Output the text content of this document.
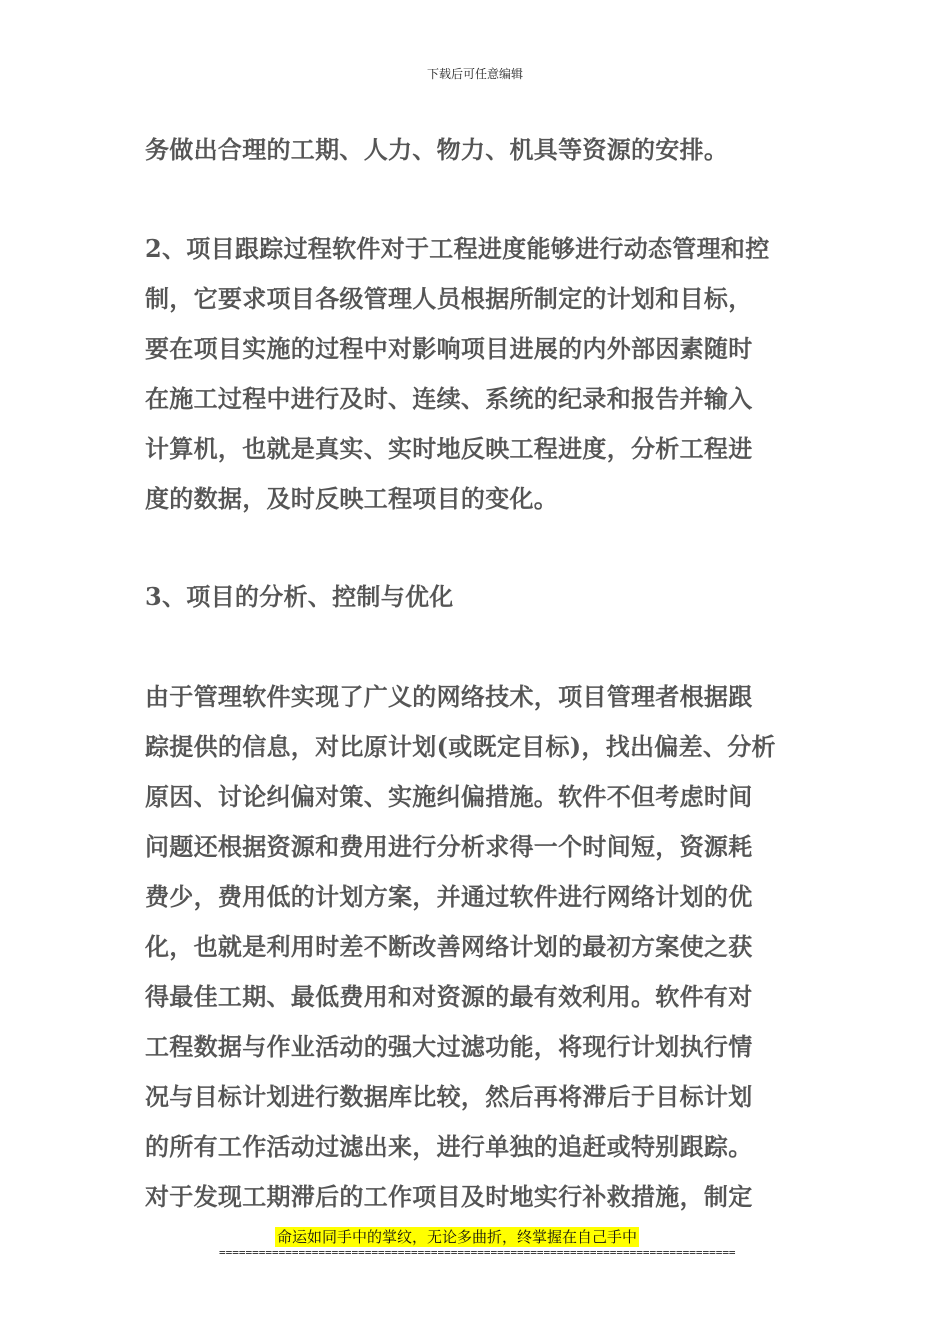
下载后可任意编辑
务做出合理的工期、人力、物力、机具等资源的安排。
2、项目跟踪过程软件对于工程进度能够进行动态管理和控
制，它要求项目各级管理人员根据所制定的计划和目标，
要在项目实施的过程中对影响项目进展的内外部因素随时
在施工过程中进行及时、连续、系统的纪录和报告并输入
计算机，也就是真实、实时地反映工程进度，分析工程进
度的数据，及时反映工程项目的变化。
3、项目的分析、控制与优化
由于管理软件实现了广义的网络技术，项目管理者根据跟
踪提供的信息，对比原计划(或既定目标)，找出偏差、分析
原因、讨论纠偏对策、实施纠偏措施。软件不但考虑时间
问题还根据资源和费用进行分析求得一个时间短，资源耗
费少，费用低的计划方案，并通过软件进行网络计划的优
化，也就是利用时差不断改善网络计划的最初方案使之获
得最佳工期、最低费用和对资源的最有效利用。软件有对
工程数据与作业活动的强大过滤功能，将现行计划执行情
况与目标计划进行数据库比较，然后再将滞后于目标计划
的所有工作活动过滤出来，进行单独的追赶或特别跟踪。
对于发现工期滞后的工作项目及时地实行补救措施，制定
命运如同手中的掌纹，无论多曲折，终掌握在自己手中
==============================================================================
